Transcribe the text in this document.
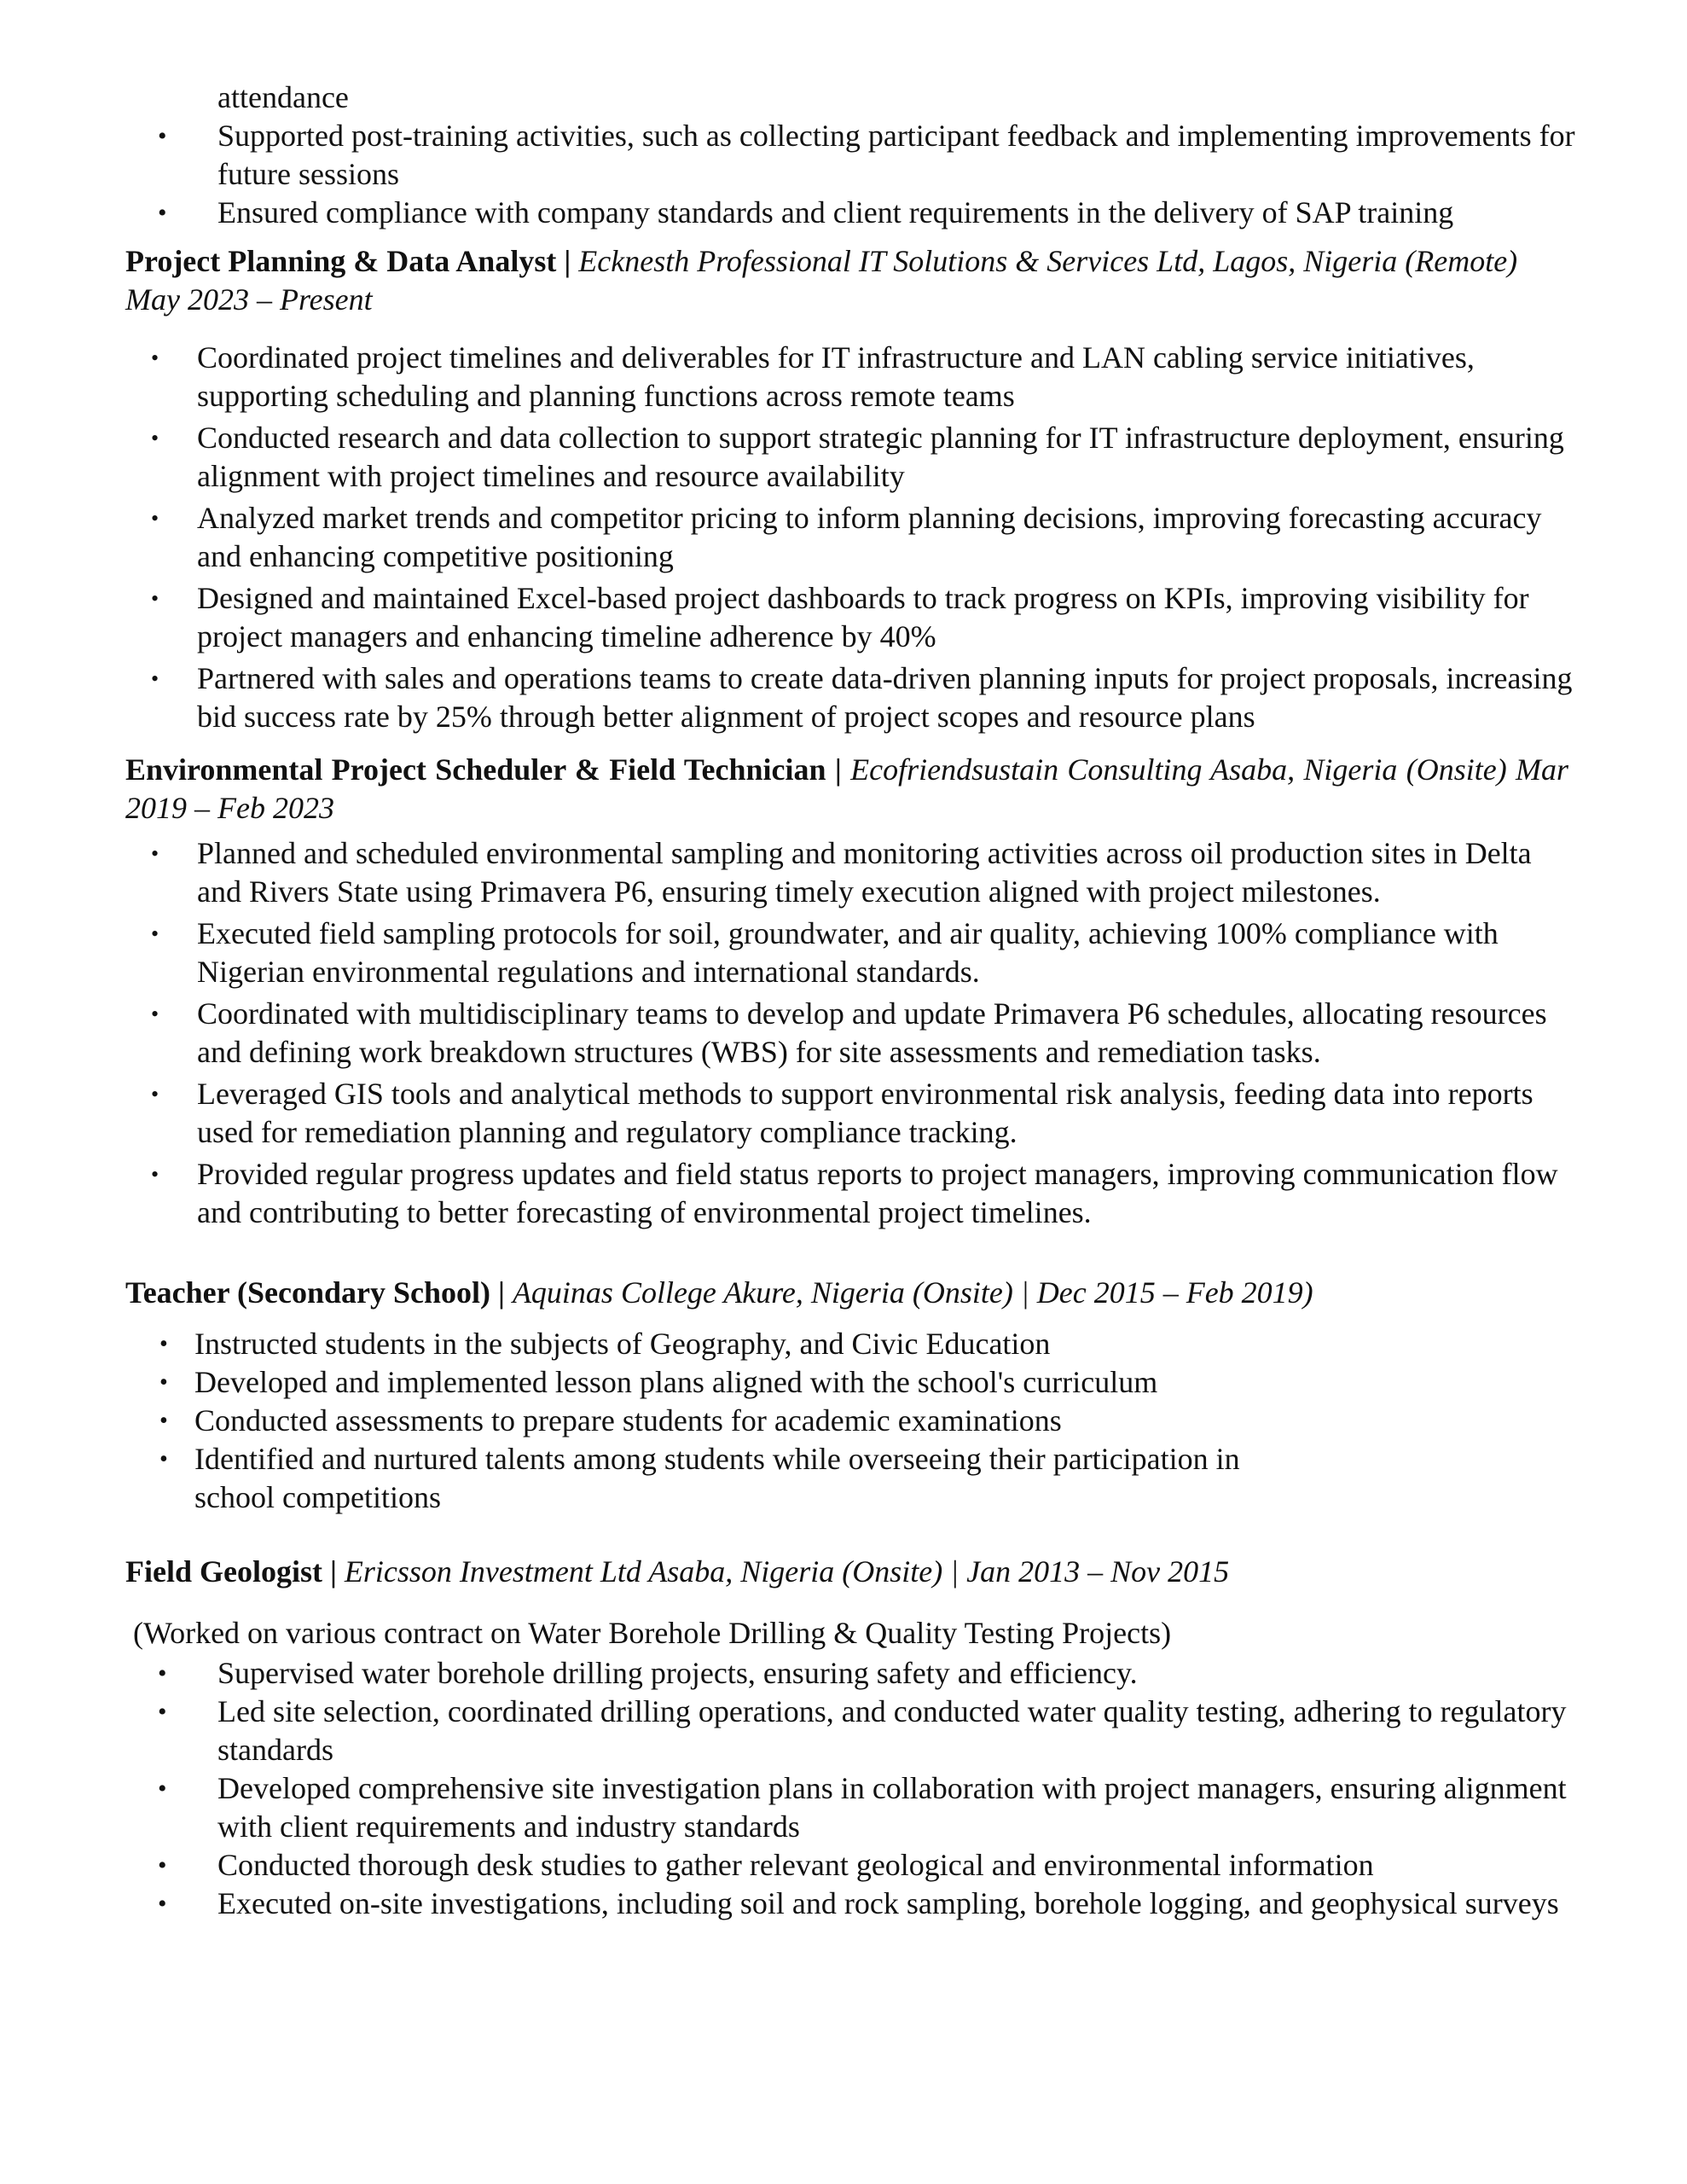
attendance
• Supported post-training activities, such as collecting participant feedback and implementing improvements for future sessions
• Ensured compliance with company standards and client requirements in the delivery of SAP training

Project Planning & Data Analyst | Ecknesth Professional IT Solutions & Services Ltd, Lagos, Nigeria (Remote) May 2023 – Present

• Coordinated project timelines and deliverables for IT infrastructure and LAN cabling service initiatives, supporting scheduling and planning functions across remote teams
• Conducted research and data collection to support strategic planning for IT infrastructure deployment, ensuring alignment with project timelines and resource availability
• Analyzed market trends and competitor pricing to inform planning decisions, improving forecasting accuracy and enhancing competitive positioning
• Designed and maintained Excel-based project dashboards to track progress on KPIs, improving visibility for project managers and enhancing timeline adherence by 40%
• Partnered with sales and operations teams to create data-driven planning inputs for project proposals, increasing bid success rate by 25% through better alignment of project scopes and resource plans

Environmental Project Scheduler & Field Technician | Ecofriendsustain Consulting Asaba, Nigeria (Onsite) Mar 2019 – Feb 2023

• Planned and scheduled environmental sampling and monitoring activities across oil production sites in Delta and Rivers State using Primavera P6, ensuring timely execution aligned with project milestones.
• Executed field sampling protocols for soil, groundwater, and air quality, achieving 100% compliance with Nigerian environmental regulations and international standards.
• Coordinated with multidisciplinary teams to develop and update Primavera P6 schedules, allocating resources and defining work breakdown structures (WBS) for site assessments and remediation tasks.
• Leveraged GIS tools and analytical methods to support environmental risk analysis, feeding data into reports used for remediation planning and regulatory compliance tracking.
• Provided regular progress updates and field status reports to project managers, improving communication flow and contributing to better forecasting of environmental project timelines.

Teacher (Secondary School) | Aquinas College Akure, Nigeria (Onsite) | Dec 2015 – Feb 2019)

• Instructed students in the subjects of Geography, and Civic Education
• Developed and implemented lesson plans aligned with the school's curriculum
• Conducted assessments to prepare students for academic examinations
• Identified and nurtured talents among students while overseeing their participation in school competitions

Field Geologist | Ericsson Investment Ltd Asaba, Nigeria (Onsite) | Jan 2013 – Nov 2015

(Worked on various contract on Water Borehole Drilling & Quality Testing Projects)

• Supervised water borehole drilling projects, ensuring safety and efficiency.
• Led site selection, coordinated drilling operations, and conducted water quality testing, adhering to regulatory standards
• Developed comprehensive site investigation plans in collaboration with project managers, ensuring alignment with client requirements and industry standards
• Conducted thorough desk studies to gather relevant geological and environmental information
• Executed on-site investigations, including soil and rock sampling, borehole logging, and geophysical surveys
